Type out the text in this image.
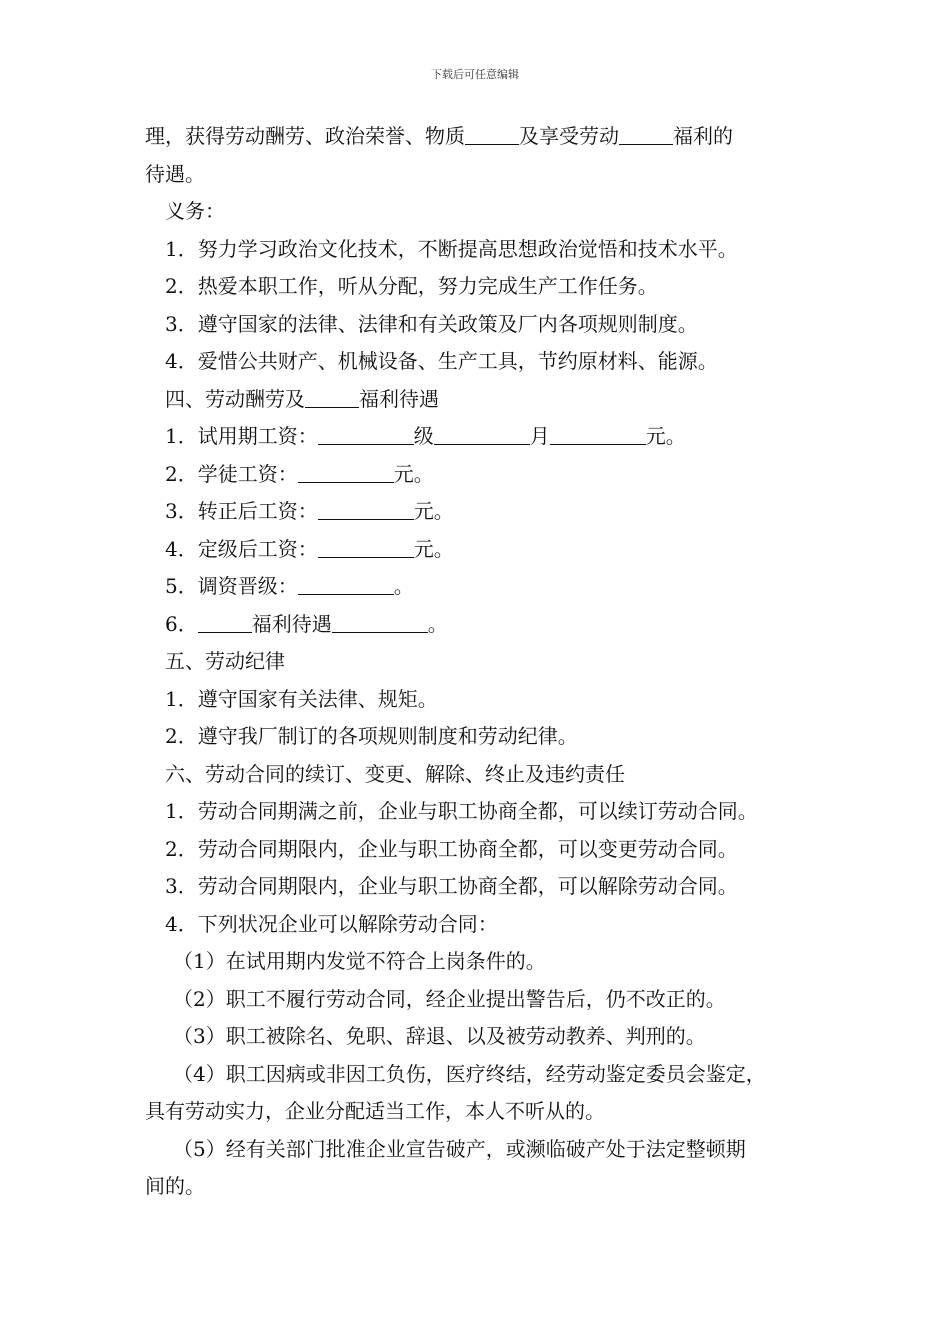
下载后可任意编辑

理，获得劳动酬劳、政治荣誉、物质	及享受劳动	福利的

待遇。

义务：

1．努力学习政治文化技术，不断提高思想政治觉悟和技术水平。

2．热爱本职工作，听从分配，努力完成生产工作任务。

3．遵守国家的法律、法律和有关政策及厂内各项规则制度。

4．爱惜公共财产、机械设备、生产工具，节约原材料、能源。

四、劳动酬劳及	福利待遇

1．试用期工资：	级	月	元。

2．学徒工资：	元。

3．转正后工资：	元。

4．定级后工资：	元。

5．调资晋级：	。

6．	福利待遇	。

五、劳动纪律

1．遵守国家有关法律、规矩。

2．遵守我厂制订的各项规则制度和劳动纪律。

六、劳动合同的续订、变更、解除、终止及违约责任

1．劳动合同期满之前，企业与职工协商全都，可以续订劳动合同。

2．劳动合同期限内，企业与职工协商全都，可以变更劳动合同。

3．劳动合同期限内，企业与职工协商全都，可以解除劳动合同。

4．下列状况企业可以解除劳动合同：

（1）在试用期内发觉不符合上岗条件的。

（2）职工不履行劳动合同，经企业提出警告后，仍不改正的。

（3）职工被除名、免职、辞退、以及被劳动教养、判刑的。

（4）职工因病或非因工负伤，医疗终结，经劳动鉴定委员会鉴定，

具有劳动实力，企业分配适当工作，本人不听从的。

（5）经有关部门批准企业宣告破产，或濒临破产处于法定整顿期

间的。
